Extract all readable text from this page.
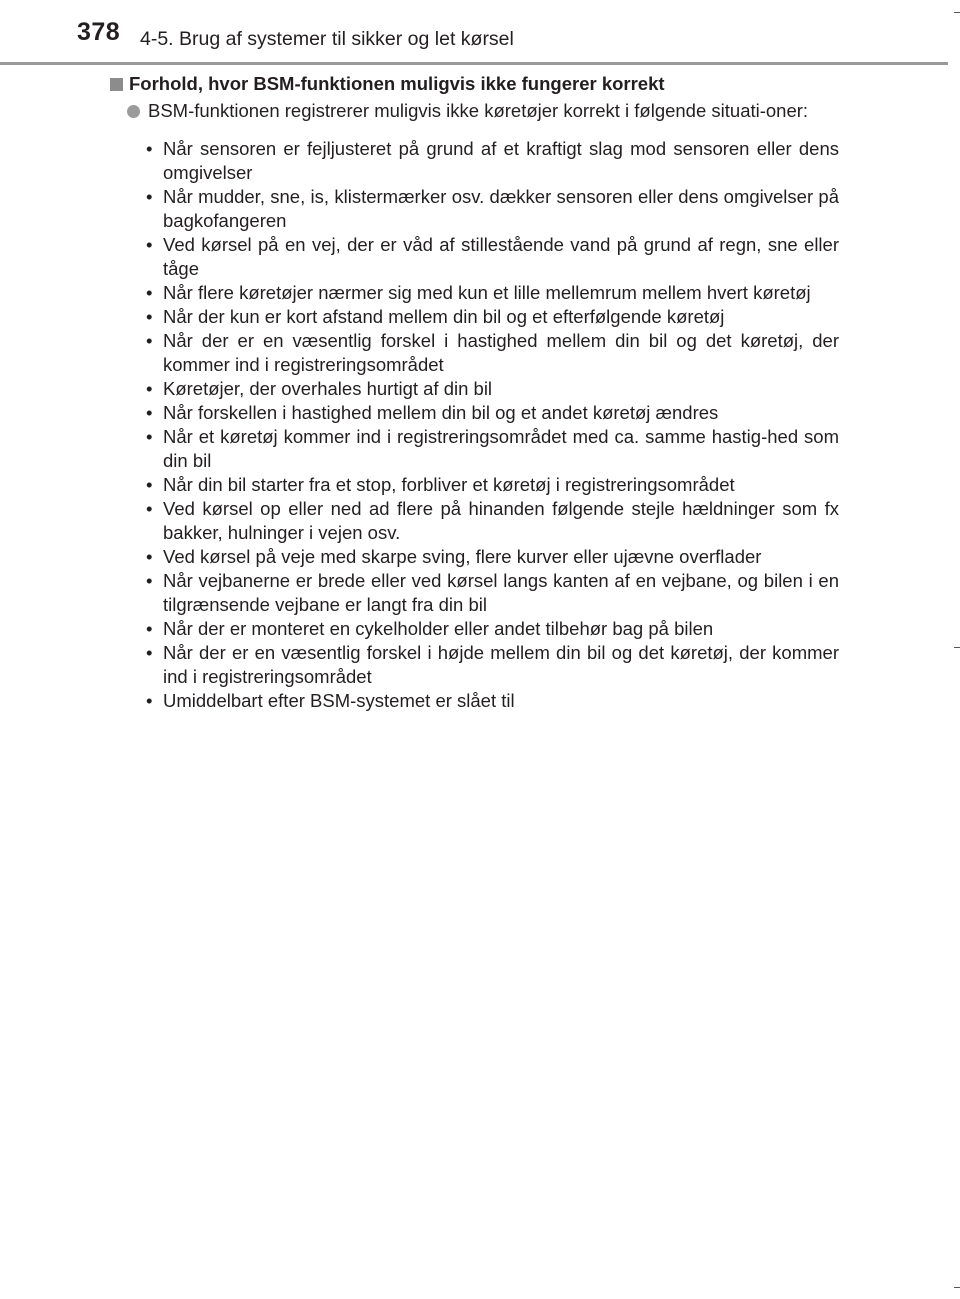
378 4-5. Brug af systemer til sikker og let kørsel
Forhold, hvor BSM-funktionen muligvis ikke fungerer korrekt
BSM-funktionen registrerer muligvis ikke køretøjer korrekt i følgende situati-oner:
• Når sensoren er fejljusteret på grund af et kraftigt slag mod sensoren eller dens omgivelser
• Når mudder, sne, is, klistermærker osv. dækker sensoren eller dens omgivelser på bagkofangeren
• Ved kørsel på en vej, der er våd af stillestående vand på grund af regn, sne eller tåge
• Når flere køretøjer nærmer sig med kun et lille mellemrum mellem hvert køretøj
• Når der kun er kort afstand mellem din bil og et efterfølgende køretøj
• Når der er en væsentlig forskel i hastighed mellem din bil og det køretøj, der kommer ind i registreringsområdet
• Køretøjer, der overhales hurtigt af din bil
• Når forskellen i hastighed mellem din bil og et andet køretøj ændres
• Når et køretøj kommer ind i registreringsområdet med ca. samme hastig-hed som din bil
• Når din bil starter fra et stop, forbliver et køretøj i registreringsområdet
• Ved kørsel op eller ned ad flere på hinanden følgende stejle hældninger som fx bakker, hulninger i vejen osv.
• Ved kørsel på veje med skarpe sving, flere kurver eller ujævne overflader
• Når vejbanerne er brede eller ved kørsel langs kanten af en vejbane, og bilen i en tilgrænsende vejbane er langt fra din bil
• Når der er monteret en cykelholder eller andet tilbehør bag på bilen
• Når der er en væsentlig forskel i højde mellem din bil og det køretøj, der kommer ind i registreringsområdet
• Umiddelbart efter BSM-systemet er slået til
